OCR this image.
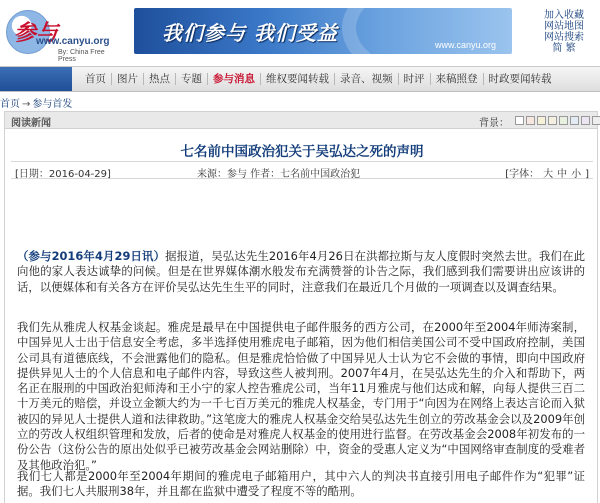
参与
www.canyu.org
By: China Free Press
我们参与 我们受益	www.canyu.org
加入收藏
网站地图
网站搜索
简 繁
首页	图片	热点	专题	参与消息	维权要闻转载	录音、视频	时评	来稿照登	时政要闻转载
首页 → 参与首发
阅读新闻	背景：
七名前中国政治犯关于吴弘达之死的声明
[日期：2016-04-29]	来源：参与 作者：七名前中国政治犯	[字体： 大 中 小 ]

（参与2016年4月29日讯）据报道，吴弘达先生2016年4月26日在洪都拉斯与友人度假时突然去世。我们在此向他的家人表达诚挚的问候。但是在世界媒体潮水般发布充满赞誉的讣告之际，我们感到我们需要讲出应该讲的话，以便媒体和有关各方在评价吴弘达先生生平的同时，注意我们在最近几个月做的一项调查以及调查结果。

我们先从雅虎人权基金谈起。雅虎是最早在中国提供电子邮件服务的西方公司，在2000年至2004年师涛案制，中国异见人士出于信息安全考虑，多半选择使用雅虎电子邮箱，因为他们相信美国公司不受中国政府控制，美国公司具有道德底线，不会泄露他们的隐私。但是雅虎恰恰做了中国异见人士认为它不会做的事情，即向中国政府提供异见人士的个人信息和电子邮件内容，导致这些人被判刑。2007年4月，在吴弘达先生的介入和帮助下，两名正在服刑的中国政治犯师涛和王小宁的家人控告雅虎公司，当年11月雅虎与他们达成和解，向每人提供三百二十万美元的赔偿，并设立金额大约为一千七百万美元的雅虎人权基金，专门用于“向因为在网络上表达言论而入狱被囚的异见人士提供人道和法律救助。”这笔庞大的雅虎人权基金交给吴弘达先生创立的劳改基金会以及2009年创立的劳改人权组织管理和发放，后者的使命是对雅虎人权基金的使用进行监督。在劳改基金会2008年初发布的一份公告（这份公告的原出处似乎已被劳改基金会网站删除）中，资金的受惠人定义为“中国网络审查制度的受难者及其他政治犯。”

我们七人都是2000年至2004年期间的雅虎电子邮箱用户，其中六人的判决书直接引用电子邮件作为“犯罪”证据。我们七人共服刑38年，并且都在监狱中遭受了程度不等的酷刑。
